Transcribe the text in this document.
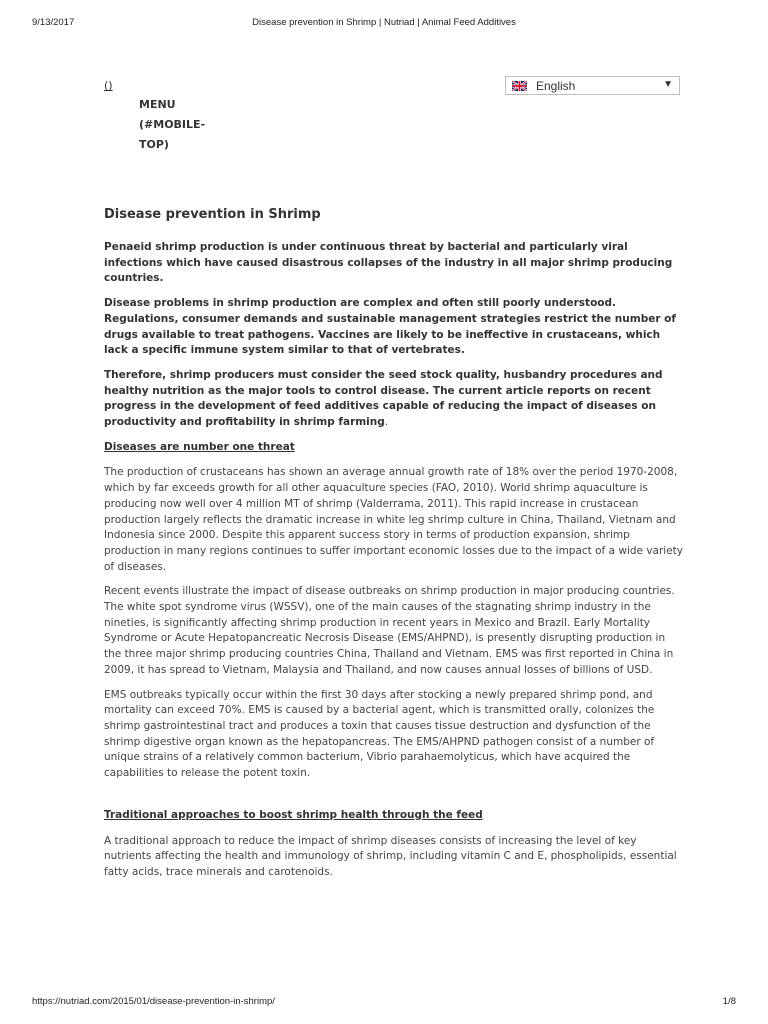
9/13/2017	Disease prevention in Shrimp | Nutriad | Animal Feed Additives
()
MENU
(#MOBILE-
TOP)
English	▼
Disease prevention in Shrimp

Penaeid shrimp production is under continuous threat by bacterial and particularly viral infections which have caused disastrous collapses of the industry in all major shrimp producing countries.

Disease problems in shrimp production are complex and often still poorly understood. Regulations, consumer demands and sustainable management strategies restrict the number of drugs available to treat pathogens. Vaccines are likely to be ineffective in crustaceans, which lack a specific immune system similar to that of vertebrates.

Therefore, shrimp producers must consider the seed stock quality, husbandry procedures and healthy nutrition as the major tools to control disease. The current article reports on recent progress in the development of feed additives capable of reducing the impact of diseases on productivity and profitability in shrimp farming.

Diseases are number one threat

The production of crustaceans has shown an average annual growth rate of 18% over the period 1970-2008, which by far exceeds growth for all other aquaculture species (FAO, 2010). World shrimp aquaculture is producing now well over 4 million MT of shrimp (Valderrama, 2011). This rapid increase in crustacean production largely reflects the dramatic increase in white leg shrimp culture in China, Thailand, Vietnam and Indonesia since 2000. Despite this apparent success story in terms of production expansion, shrimp production in many regions continues to suffer important economic losses due to the impact of a wide variety of diseases.

Recent events illustrate the impact of disease outbreaks on shrimp production in major producing countries. The white spot syndrome virus (WSSV), one of the main causes of the stagnating shrimp industry in the nineties, is significantly affecting shrimp production in recent years in Mexico and Brazil. Early Mortality Syndrome or Acute Hepatopancreatic Necrosis Disease (EMS/AHPND), is presently disrupting production in the three major shrimp producing countries China, Thailand and Vietnam. EMS was first reported in China in 2009, it has spread to Vietnam, Malaysia and Thailand, and now causes annual losses of billions of USD.

EMS outbreaks typically occur within the first 30 days after stocking a newly prepared shrimp pond, and mortality can exceed 70%. EMS is caused by a bacterial agent, which is transmitted orally, colonizes the shrimp gastrointestinal tract and produces a toxin that causes tissue destruction and dysfunction of the shrimp digestive organ known as the hepatopancreas. The EMS/AHPND pathogen consist of a number of unique strains of a relatively common bacterium, Vibrio parahaemolyticus, which have acquired the capabilities to release the potent toxin.

Traditional approaches to boost shrimp health through the feed

A traditional approach to reduce the impact of shrimp diseases consists of increasing the level of key nutrients affecting the health and immunology of shrimp, including vitamin C and E, phospholipids, essential fatty acids, trace minerals and carotenoids.

https://nutriad.com/2015/01/disease-prevention-in-shrimp/	1/8
